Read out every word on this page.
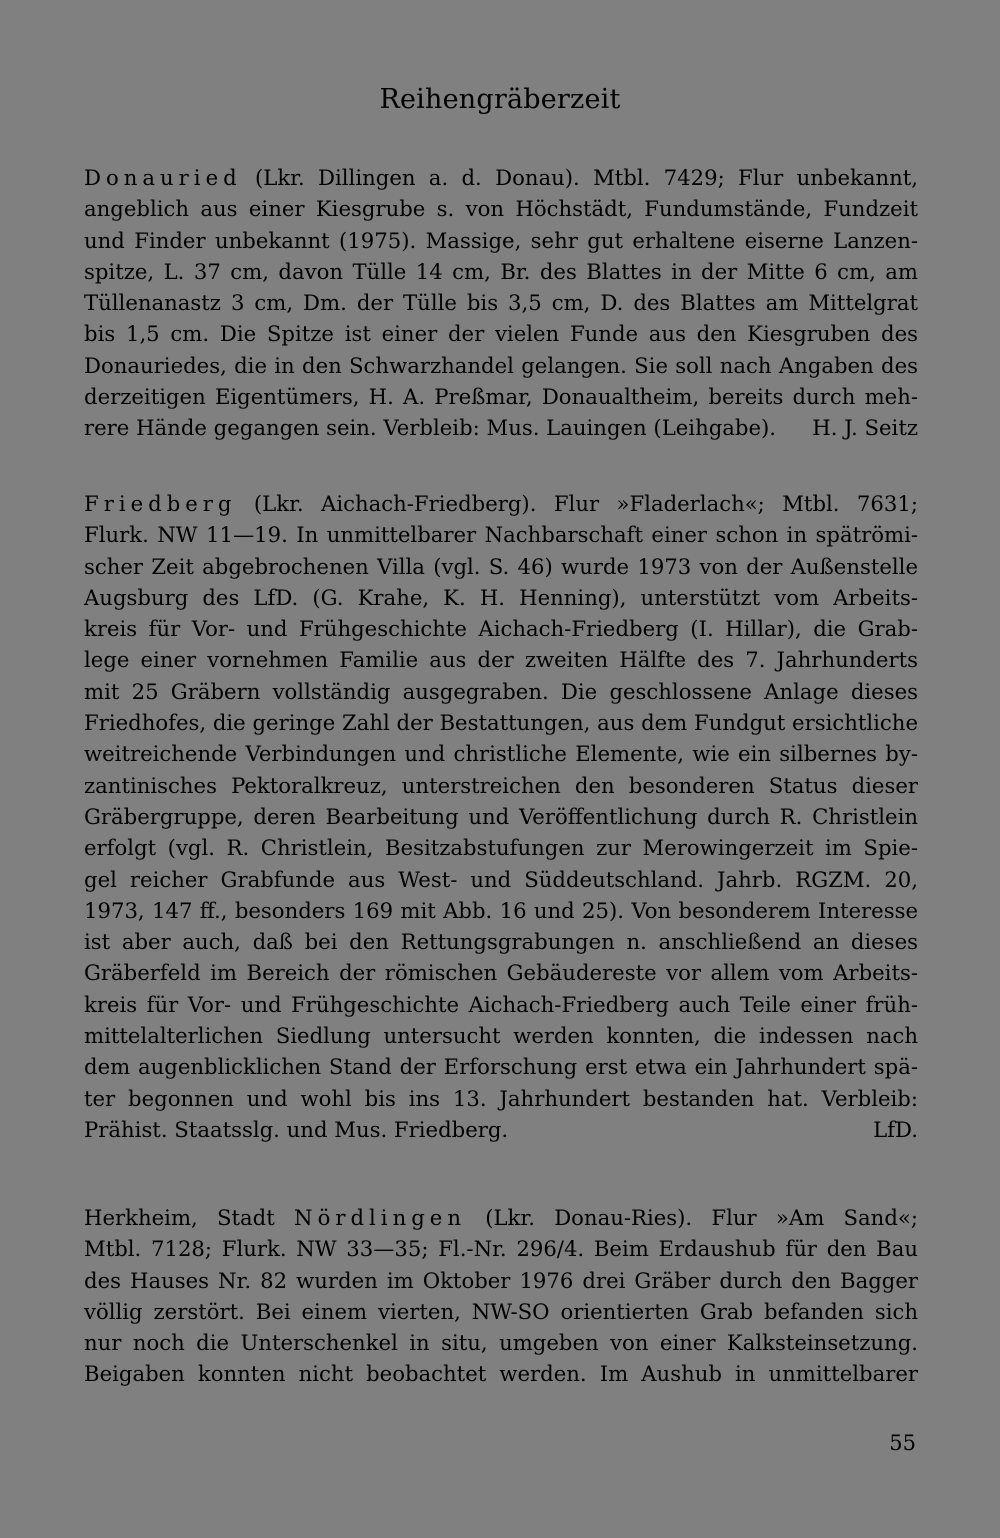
Reihengräberzeit
Donauried (Lkr. Dillingen a. d. Donau). Mtbl. 7429; Flur unbekannt,
angeblich aus einer Kiesgrube s. von Höchstädt, Fundumstände, Fundzeit
und Finder unbekannt (1975). Massige, sehr gut erhaltene eiserne Lanzen-
spitze, L. 37 cm, davon Tülle 14 cm, Br. des Blattes in der Mitte 6 cm, am
Tüllenanastz 3 cm, Dm. der Tülle bis 3,5 cm, D. des Blattes am Mittelgrat
bis 1,5 cm. Die Spitze ist einer der vielen Funde aus den Kiesgruben des
Donauriedes, die in den Schwarzhandel gelangen. Sie soll nach Angaben des
derzeitigen Eigentümers, H. A. Preßmar, Donaualtheim, bereits durch meh-
rere Hände gegangen sein. Verbleib: Mus. Lauingen (Leihgabe). H. J. Seitz
Friedberg (Lkr. Aichach-Friedberg). Flur »Fladerlach«; Mtbl. 7631;
Flurk. NW 11—19. In unmittelbarer Nachbarschaft einer schon in spätrömi-
scher Zeit abgebrochenen Villa (vgl. S. 46) wurde 1973 von der Außenstelle
Augsburg des LfD. (G. Krahe, K. H. Henning), unterstützt vom Arbeits-
kreis für Vor- und Frühgeschichte Aichach-Friedberg (I. Hillar), die Grab-
lege einer vornehmen Familie aus der zweiten Hälfte des 7. Jahrhunderts
mit 25 Gräbern vollständig ausgegraben. Die geschlossene Anlage dieses
Friedhofes, die geringe Zahl der Bestattungen, aus dem Fundgut ersichtliche
weitreichende Verbindungen und christliche Elemente, wie ein silbernes by-
zantinisches Pektoralkreuz, unterstreichen den besonderen Status dieser
Gräbergruppe, deren Bearbeitung und Veröffentlichung durch R. Christlein
erfolgt (vgl. R. Christlein, Besitzabstufungen zur Merowingerzeit im Spie-
gel reicher Grabfunde aus West- und Süddeutschland. Jahrb. RGZM. 20,
1973, 147 ff., besonders 169 mit Abb. 16 und 25). Von besonderem Interesse
ist aber auch, daß bei den Rettungsgrabungen n. anschließend an dieses
Gräberfeld im Bereich der römischen Gebäudereste vor allem vom Arbeits-
kreis für Vor- und Frühgeschichte Aichach-Friedberg auch Teile einer früh-
mittelalterlichen Siedlung untersucht werden konnten, die indessen nach
dem augenblicklichen Stand der Erforschung erst etwa ein Jahrhundert spä-
ter begonnen und wohl bis ins 13. Jahrhundert bestanden hat. Verbleib:
Prähist. Staatsslg. und Mus. Friedberg.	LfD.
Herkheim, Stadt Nördlingen (Lkr. Donau-Ries). Flur »Am Sand«;
Mtbl. 7128; Flurk. NW 33—35; Fl.-Nr. 296/4. Beim Erdaushub für den Bau
des Hauses Nr. 82 wurden im Oktober 1976 drei Gräber durch den Bagger
völlig zerstört. Bei einem vierten, NW-SO orientierten Grab befanden sich
nur noch die Unterschenkel in situ, umgeben von einer Kalksteinsetzung.
Beigaben konnten nicht beobachtet werden. Im Aushub in unmittelbarer
55
